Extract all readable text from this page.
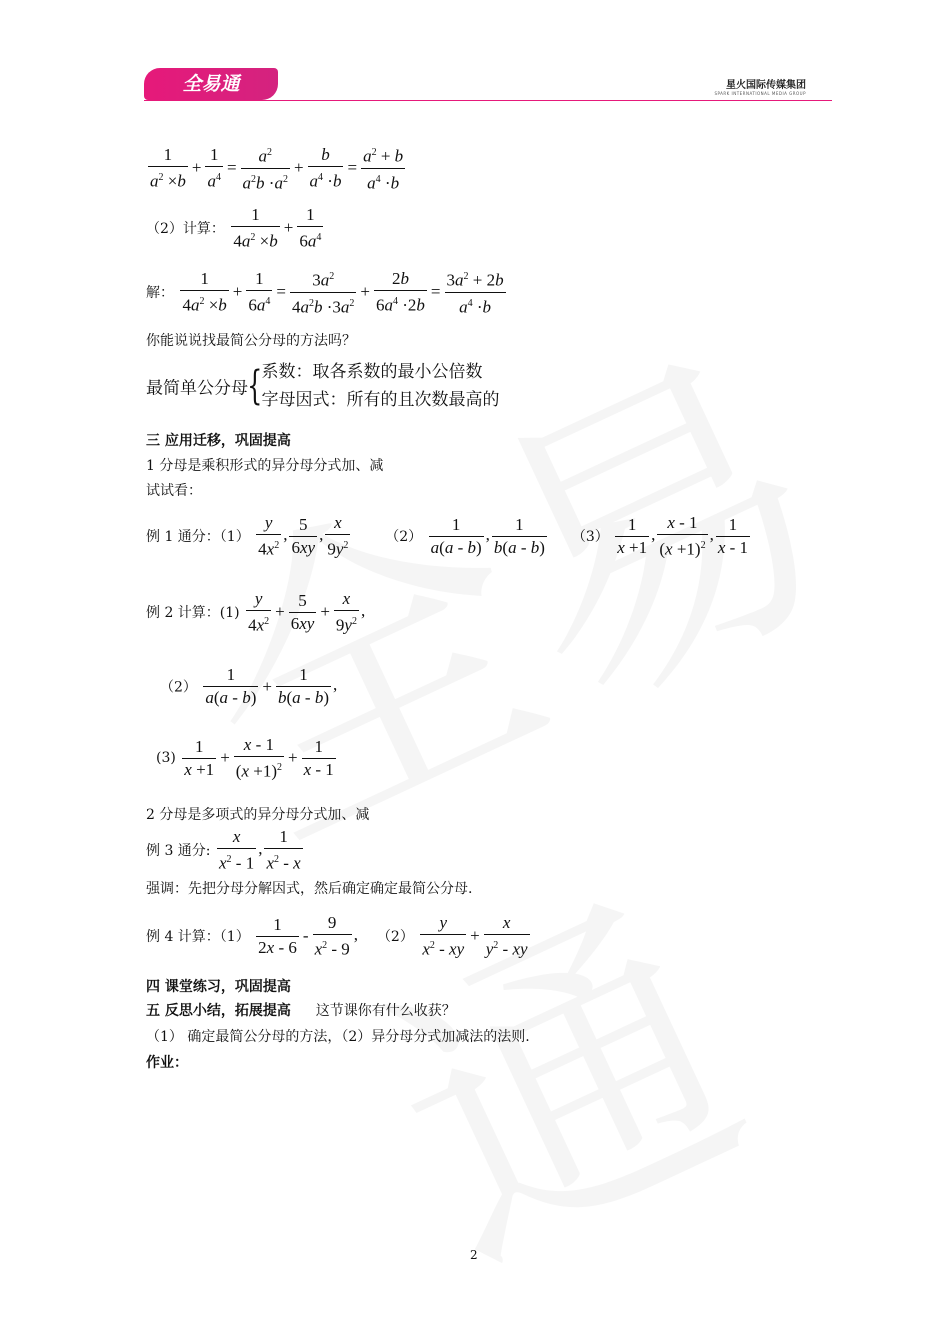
全易通	星火国际传媒集团
SPARK INTERNATIONAL MEDIA GROUP
$\frac{1}{a^2 \times b} + \frac{1}{a^4} = \frac{a^2}{a^2b \cdot a^2} + \frac{b}{a^4 \cdot b} = \frac{a^2 + b}{a^4 \cdot b}$
（2）计算： $\frac{1}{4a^2 \times b} + \frac{1}{6a^4}$
解： $\frac{1}{4a^2 \times b} + \frac{1}{6a^4} = \frac{3a^2}{4a^2b \cdot 3a^2} + \frac{2b}{6a^4 \cdot 2b} = \frac{3a^2 + 2b}{a^4 \cdot b}$
你能说说找最简公分母的方法吗？
最简单公分母{ 系数：取各系数的最小公倍数
字母因式：所有的且次数最高的
三 应用迁移，巩固提高
1 分母是乘积形式的异分母分式加、减
试试看：
例 1 通分：$(1) \frac{y}{4x^2}$ , $\frac{5}{6xy}$ , $\frac{x}{9y^2} (2) \frac{1}{a(a - b)}$ , $\frac{1}{b(a - b)} (3) \frac{1}{x +1}$ , $\frac{x - 1}{(x +1)^2}$ , $\frac{1}{x - 1}$
例 2 计算：$(1) \frac{y}{4x^2} + \frac{5}{6xy} + \frac{x}{9y^2}$ ,
$(2) \frac{1}{a(a - b)} + \frac{1}{b(a - b)}$ ,
$(3) \frac{1}{x +1} + \frac{x - 1}{(x +1)^2} + \frac{1}{x - 1}$
2 分母是多项式的异分母分式加、减
例 3 通分: $\frac{x}{x^2 - 1}$ , $\frac{1}{x^2 - x}$
强调：先把分母分解因式，然后确定确定最简公分母.
例 4 计算：$(1) \frac{1}{2x - 6} - \frac{9}{x^2 - 9}$ , $(2) \frac{y}{x^2 - xy} + \frac{x}{y^2 - xy}$
四 课堂练习，巩固提高
五 反思小结，拓展提高 这节课你有什么收获？
（1） 确定最简公分母的方法，（2）异分母分式加减法的法则.
作业：
2
